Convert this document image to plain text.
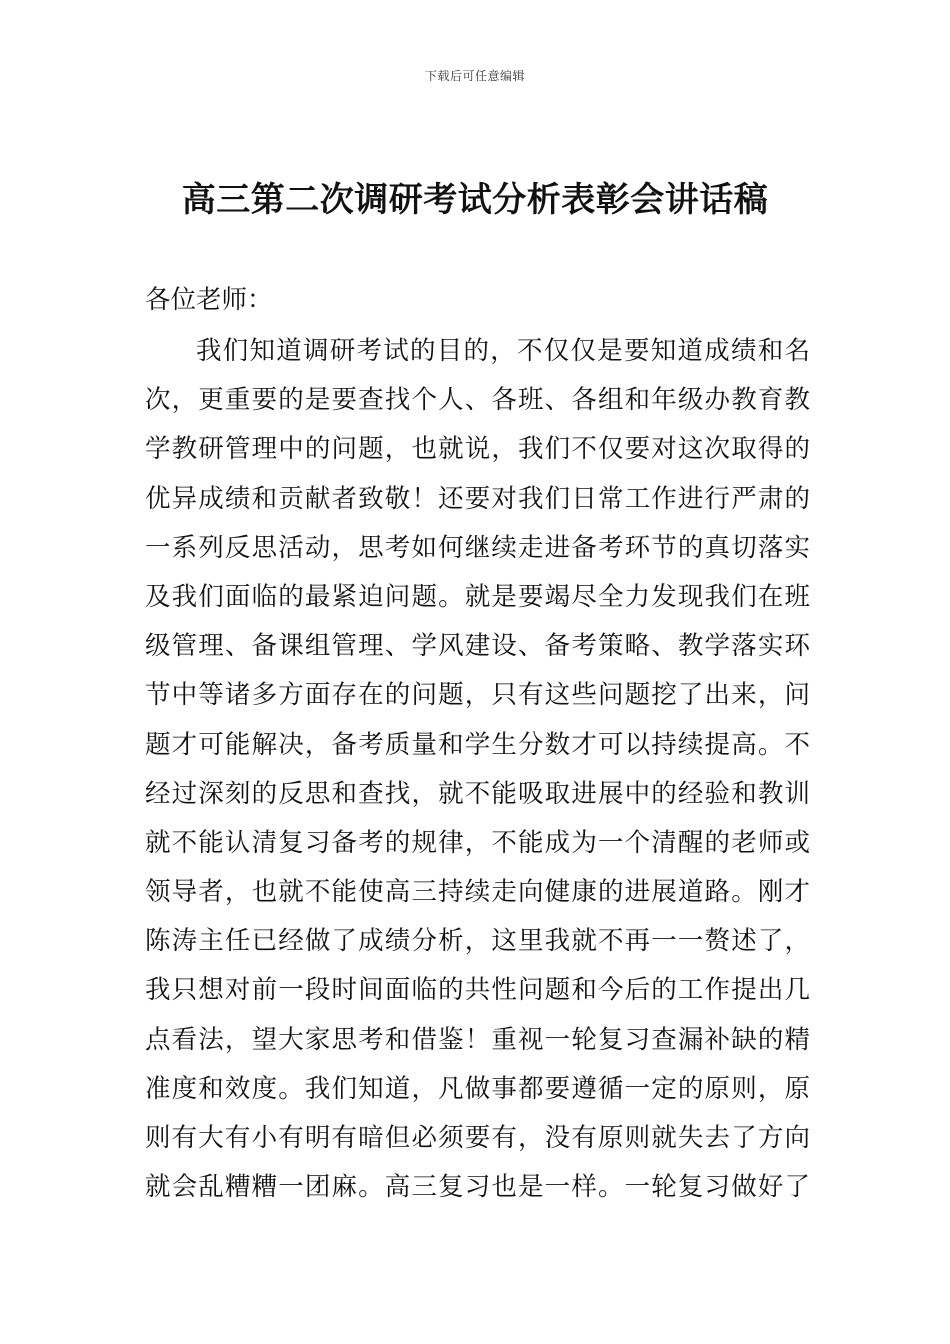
下载后可任意编辑
高三第二次调研考试分析表彰会讲话稿
各位老师：
我们知道调研考试的目的，不仅仅是要知道成绩和名
次，更重要的是要查找个人、各班、各组和年级办教育教
学教研管理中的问题，也就说，我们不仅要对这次取得的
优异成绩和贡献者致敬！还要对我们日常工作进行严肃的
一系列反思活动，思考如何继续走进备考环节的真切落实
及我们面临的最紧迫问题。就是要竭尽全力发现我们在班
级管理、备课组管理、学风建设、备考策略、教学落实环
节中等诸多方面存在的问题，只有这些问题挖了出来，问
题才可能解决，备考质量和学生分数才可以持续提高。不
经过深刻的反思和查找，就不能吸取进展中的经验和教训
就不能认清复习备考的规律，不能成为一个清醒的老师或
领导者，也就不能使高三持续走向健康的进展道路。刚才
陈涛主任已经做了成绩分析，这里我就不再一一赘述了，
我只想对前一段时间面临的共性问题和今后的工作提出几
点看法，望大家思考和借鉴！重视一轮复习查漏补缺的精
准度和效度。我们知道，凡做事都要遵循一定的原则，原
则有大有小有明有暗但必须要有，没有原则就失去了方向
就会乱糟糟一团麻。高三复习也是一样。一轮复习做好了
